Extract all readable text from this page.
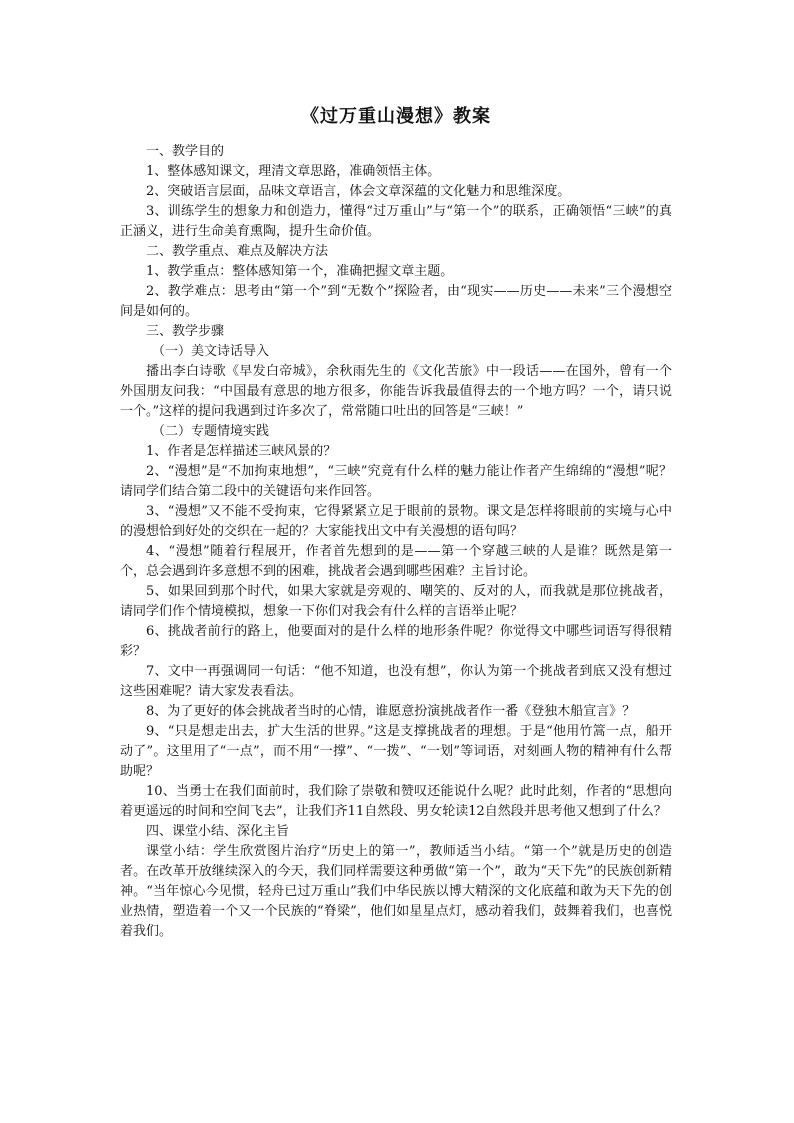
《过万重山漫想》教案

一、教学目的

1、整体感知课文，理清文章思路，准确领悟主体。

2、突破语言层面，品味文章语言，体会文章深蕴的文化魅力和思维深度。

3、训练学生的想象力和创造力，懂得“过万重山”与“第一个”的联系，正确领悟“三峡”的真正涵义，进行生命美育熏陶，提升生命价值。

二、教学重点、难点及解决方法

1、教学重点：整体感知第一个，准确把握文章主题。

2、教学难点：思考由“第一个”到“无数个”探险者，由“现实——历史——未来”三个漫想空间是如何的。

三、教学步骤

（一）美文诗话导入

播出李白诗歌《早发白帝城》，余秋雨先生的《文化苦旅》中一段话——在国外，曾有一个外国朋友问我：“中国最有意思的地方很多，你能告诉我最值得去的一个地方吗？一个，请只说一个。”这样的提问我遇到过许多次了，常常随口吐出的回答是“三峡！”

（二）专题情境实践

1、作者是怎样描述三峡风景的？

2、“漫想”是“不加拘束地想”，“三峡”究竟有什么样的魅力能让作者产生绵绵的“漫想”呢？请同学们结合第二段中的关键语句来作回答。

3、“漫想”又不能不受拘束，它得紧紧立足于眼前的景物。课文是怎样将眼前的实境与心中的漫想恰到好处的交织在一起的？大家能找出文中有关漫想的语句吗？

4、“漫想”随着行程展开，作者首先想到的是——第一个穿越三峡的人是谁？既然是第一个，总会遇到许多意想不到的困难，挑战者会遇到哪些困难？主旨讨论。

5、如果回到那个时代，如果大家就是旁观的、嘲笑的、反对的人，而我就是那位挑战者，请同学们作个情境模拟，想象一下你们对我会有什么样的言语举止呢？

6、挑战者前行的路上，他要面对的是什么样的地形条件呢？你觉得文中哪些词语写得很精彩？

7、文中一再强调同一句话：“他不知道，也没有想”，你认为第一个挑战者到底又没有想过这些困难呢？请大家发表看法。

8、为了更好的体会挑战者当时的心情，谁愿意扮演挑战者作一番《登独木船宣言》？

9、“只是想走出去，扩大生活的世界。”这是支撑挑战者的理想。于是“他用竹篙一点，船开动了”。这里用了“一点”，而不用“一撑”、“一拨”、“一划”等词语，对刻画人物的精神有什么帮助呢？

10、当勇士在我们面前时，我们除了崇敬和赞叹还能说什么呢？此时此刻，作者的“思想向着更遥远的时间和空间飞去”，让我们齐11自然段、男女轮读12自然段并思考他又想到了什么？

四、课堂小结、深化主旨

课堂小结：学生欣赏图片治疗“历史上的第一”，教师适当小结。“第一个”就是历史的创造者。在改革开放继续深入的今天，我们同样需要这种勇做“第一个”，敢为“天下先”的民族创新精神。“当年惊心今见惯，轻舟已过万重山”我们中华民族以博大精深的文化底蕴和敢为天下先的创业热情，塑造着一个又一个民族的“脊梁”，他们如星星点灯，感动着我们，鼓舞着我们，也喜悦着我们。
